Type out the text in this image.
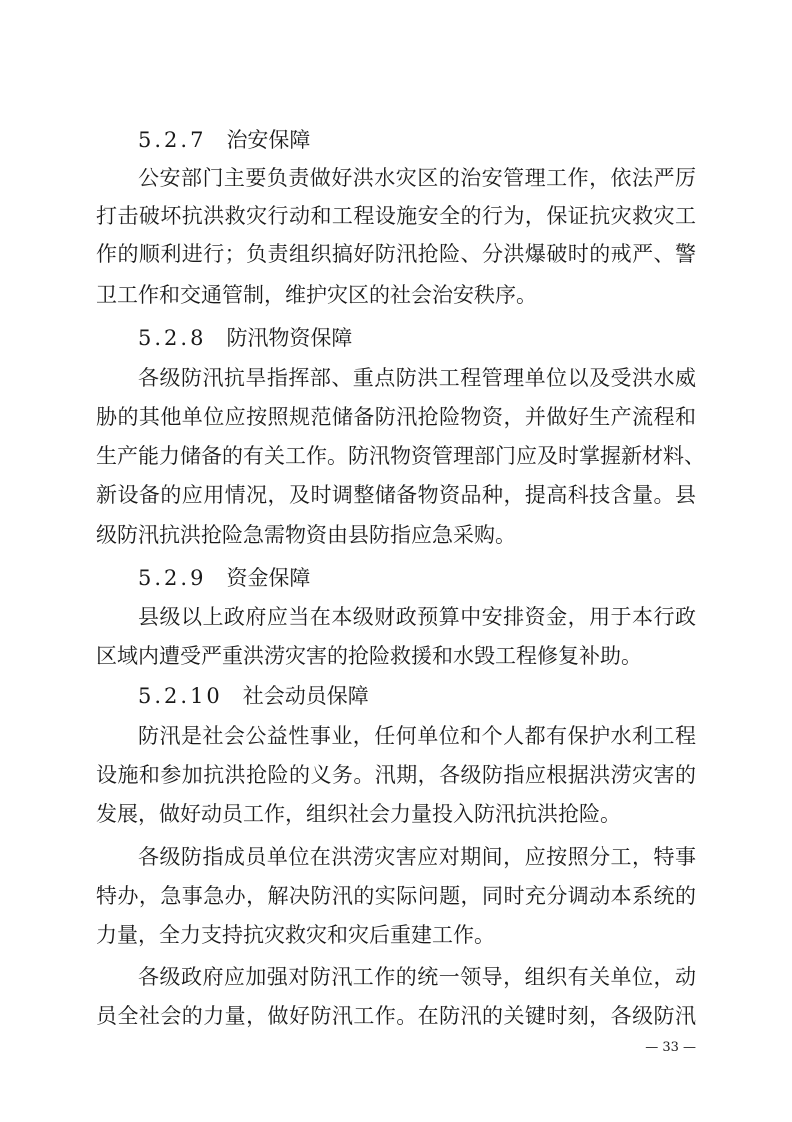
5.2.7 治安保障
公安部门主要负责做好洪水灾区的治安管理工作，依法严厉
打击破坏抗洪救灾行动和工程设施安全的行为，保证抗灾救灾工
作的顺利进行；负责组织搞好防汛抢险、分洪爆破时的戒严、警
卫工作和交通管制，维护灾区的社会治安秩序。
5.2.8 防汛物资保障
各级防汛抗旱指挥部、重点防洪工程管理单位以及受洪水威
胁的其他单位应按照规范储备防汛抢险物资，并做好生产流程和
生产能力储备的有关工作。防汛物资管理部门应及时掌握新材料、
新设备的应用情况，及时调整储备物资品种，提高科技含量。县
级防汛抗洪抢险急需物资由县防指应急采购。
5.2.9 资金保障
县级以上政府应当在本级财政预算中安排资金，用于本行政
区域内遭受严重洪涝灾害的抢险救援和水毁工程修复补助。
5.2.10 社会动员保障
防汛是社会公益性事业，任何单位和个人都有保护水利工程
设施和参加抗洪抢险的义务。汛期，各级防指应根据洪涝灾害的
发展，做好动员工作，组织社会力量投入防汛抗洪抢险。
各级防指成员单位在洪涝灾害应对期间，应按照分工，特事
特办，急事急办，解决防汛的实际问题，同时充分调动本系统的
力量，全力支持抗灾救灾和灾后重建工作。
各级政府应加强对防汛工作的统一领导，组织有关单位，动
员全社会的力量，做好防汛工作。在防汛的关键时刻，各级防汛
— 33 —
